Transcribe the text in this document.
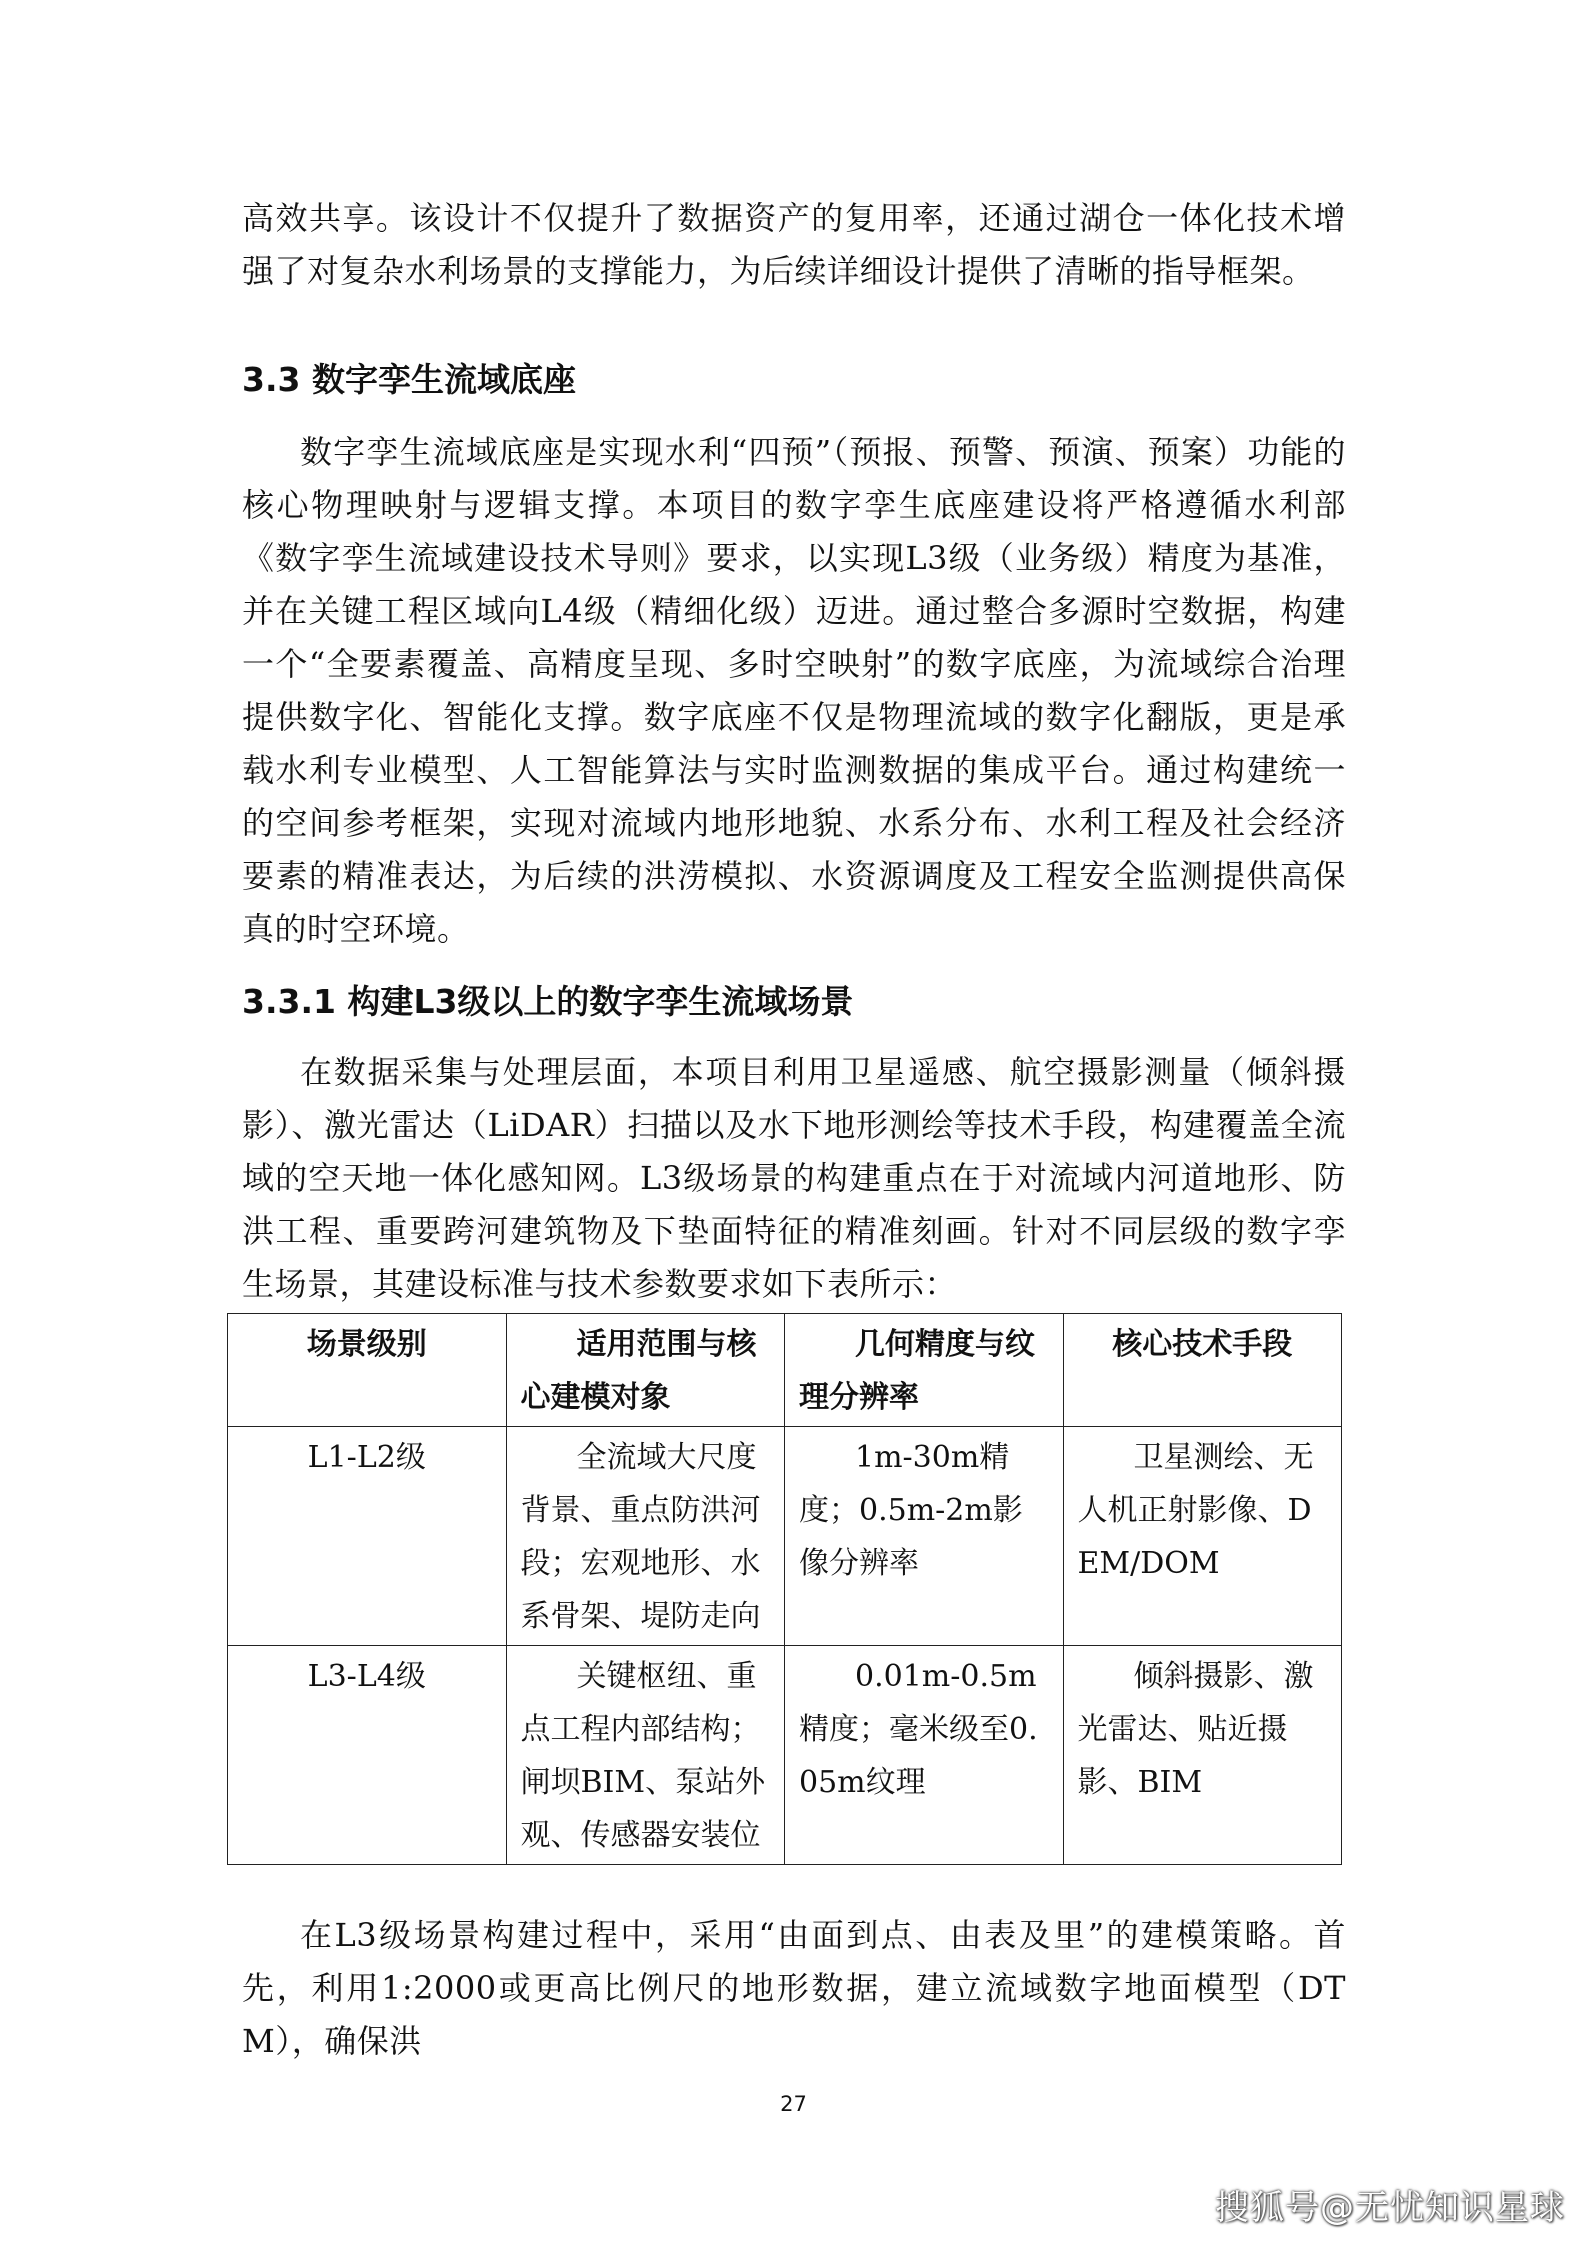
高效共享。该设计不仅提升了数据资产的复用率，还通过湖仓一体化技术增强了对复杂水利场景的支撑能力，为后续详细设计提供了清晰的指导框架。

3.3 数字孪生流域底座

数字孪生流域底座是实现水利“四预”（预报、预警、预演、预案）功能的核心物理映射与逻辑支撑。本项目的数字孪生底座建设将严格遵循水利部《数字孪生流域建设技术导则》要求，以实现L3级（业务级）精度为基准，并在关键工程区域向L4级（精细化级）迈进。通过整合多源时空数据，构建一个“全要素覆盖、高精度呈现、多时空映射”的数字底座，为流域综合治理提供数字化、智能化支撑。数字底座不仅是物理流域的数字化翻版，更是承载水利专业模型、人工智能算法与实时监测数据的集成平台。通过构建统一的空间参考框架，实现对流域内地形地貌、水系分布、水利工程及社会经济要素的精准表达，为后续的洪涝模拟、水资源调度及工程安全监测提供高保真的时空环境。

3.3.1 构建L3级以上的数字孪生流域场景

在数据采集与处理层面，本项目利用卫星遥感、航空摄影测量（倾斜摄影）、激光雷达（LiDAR）扫描以及水下地形测绘等技术手段，构建覆盖全流域的空天地一体化感知网。L3级场景的构建重点在于对流域内河道地形、防洪工程、重要跨河建筑物及下垫面特征的精准刻画。针对不同层级的数字孪生场景，其建设标准与技术参数要求如下表所示：

场景级别	适用范围与核心建模对象	几何精度与纹理分辨率	核心技术手段
L1-L2级	全流域大尺度背景、重点防洪河段；宏观地形、水系骨架、堤防走向	1m-30m精度；0.5m-2m影像分辨率	卫星测绘、无人机正射影像、DEM/DOM
L3-L4级	关键枢纽、重点工程内部结构；闸坝BIM、泵站外观、传感器安装位	0.01m-0.5m精度；毫米级至0.05m纹理	倾斜摄影、激光雷达、贴近摄影、BIM

在L3级场景构建过程中，采用“由面到点、由表及里”的建模策略。首先，利用1:2000或更高比例尺的地形数据，建立流域数字地面模型（DTM），确保洪

27
搜狐号@无忧知识星球
